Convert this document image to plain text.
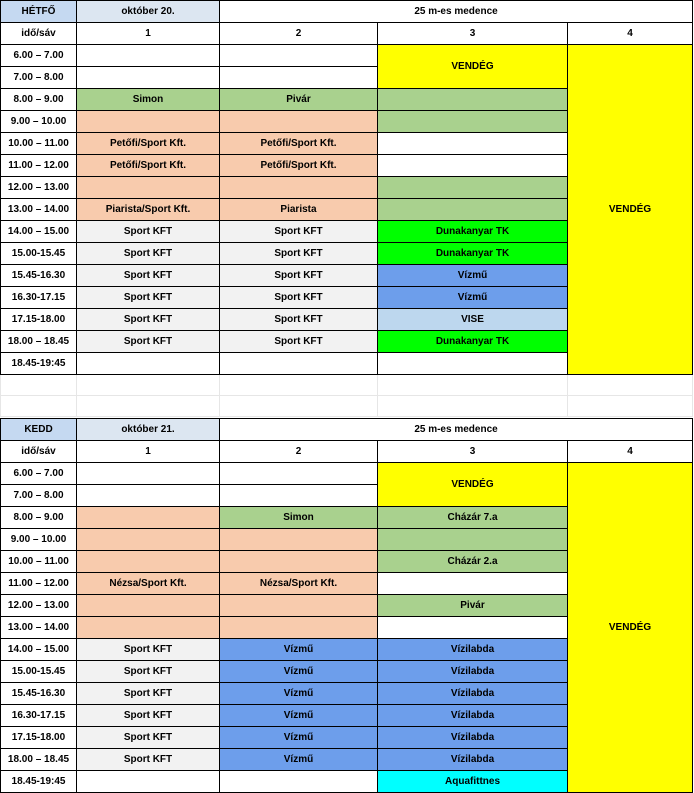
HÉTFŐ	október 20.	25 m-es medence		
idő/sáv	1	2	3	4
6.00 – 7.00			VENDÉG	VENDÉG
7.00 – 8.00				
8.00 – 9.00	Simon	Pivár		
9.00 – 10.00				
10.00 – 11.00	Petőfi/Sport Kft.	Petőfi/Sport Kft.		
11.00 – 12.00	Petőfi/Sport Kft.	Petőfi/Sport Kft.		
12.00 – 13.00				
13.00 – 14.00	Piarista/Sport Kft.	Piarista		
14.00 – 15.00	Sport KFT	Sport KFT	Dunakanyar TK	
15.00-15.45	Sport KFT	Sport KFT	Dunakanyar TK	
15.45-16.30	Sport KFT	Sport KFT	Vízmű	
16.30-17.15	Sport KFT	Sport KFT	Vízmű	
17.15-18.00	Sport KFT	Sport KFT	VISE	
18.00 – 18.45	Sport KFT	Sport KFT	Dunakanyar TK	
18.45-19:45				

KEDD	október 21.	25 m-es medence		
idő/sáv	1	2	3	4
6.00 – 7.00			VENDÉG	VENDÉG
7.00 – 8.00				
8.00 – 9.00		Simon	Cházár 7.a	
9.00 – 10.00				
10.00 – 11.00			Cházár 2.a	
11.00 – 12.00	Nézsa/Sport Kft.	Nézsa/Sport Kft.		
12.00 – 13.00			Pivár	
13.00 – 14.00				
14.00 – 15.00	Sport KFT	Vízmű	Vízilabda	
15.00-15.45	Sport KFT	Vízmű	Vízilabda	
15.45-16.30	Sport KFT	Vízmű	Vízilabda	
16.30-17.15	Sport KFT	Vízmű	Vízilabda	
17.15-18.00	Sport KFT	Vízmű	Vízilabda	
18.00 – 18.45	Sport KFT	Vízmű	Vízilabda	
18.45-19:45			Aquafittnes	
